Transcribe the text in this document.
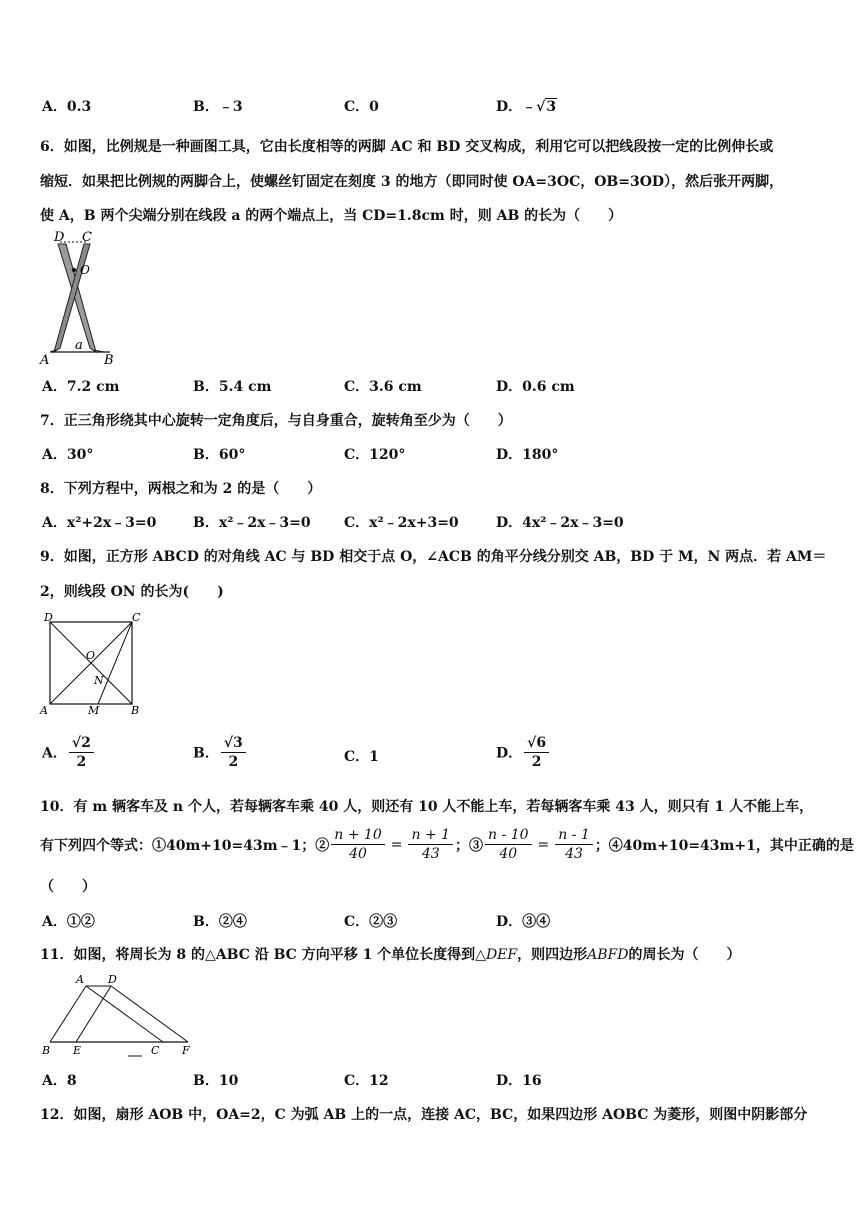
A．0.3	B．﹣3	C．0	D．﹣√ 3
6．如图，比例规是一种画图工具，它由长度相等的两脚 AC 和 BD 交叉构成，利用它可以把线段按一定的比例伸长或
缩短．如果把比例规的两脚合上，使螺丝钉固定在刻度 3 的地方（即同时使 OA=3OC，OB=3OD），然后张开两脚，
使 A，B 两个尖端分别在线段 a 的两个端点上，当 CD=1.8cm 时，则 AB 的长为（　　）
D C
O
A
a
B
A．7.2 cm	B．5.4 cm	C．3.6 cm	D．0.6 cm
7．正三角形绕其中心旋转一定角度后，与自身重合，旋转角至少为（　　）
A．30°	B．60°	C．120°	D．180°
8．下列方程中，两根之和为 2 的是（　　）
A．x²+2x﹣3=0	B．x²﹣2x﹣3=0 C．x²﹣2x+3=0	D．4x²﹣2x﹣3=0
9．如图，正方形 ABCD 的对角线 AC 与 BD 相交于点 O，∠ACB 的角平分线分别交 AB，BD 于 M，N 两点．若 AM＝
2，则线段 ON 的长为(　　)
D	C
O
N
A	M	B
A． $\frac{√2}{2}$	B． $\frac{√3}{2}$	C．1	D． $\frac{√6}{2}$
10．有 m 辆客车及 n 个人，若每辆客车乘 40 人，则还有 10 人不能上车，若每辆客车乘 43 人，则只有 1 人不能上车，
有下列四个等式：①40m+10=43m﹣1；② $\frac{n + 10}{40} = \frac{n + 1}{43}$ ；③ $\frac{n - 10}{40} = \frac{n - 1}{43}$ ；④40m+10=43m+1，其中正确的是
（　　）
A．①②	B．②④	C．②③	D．③④
11．如图，将周长为 8 的△ABC 沿 BC 方向平移 1 个单位长度得到△DEF，则四边形ABFD的周长为（　　）
A D
B E	C F
A．8	B．10	C．12	D．16
12．如图，扇形 AOB 中，OA=2，C 为弧 AB 上的一点，连接 AC，BC，如果四边形 AOBC 为菱形，则图中阴影部分
